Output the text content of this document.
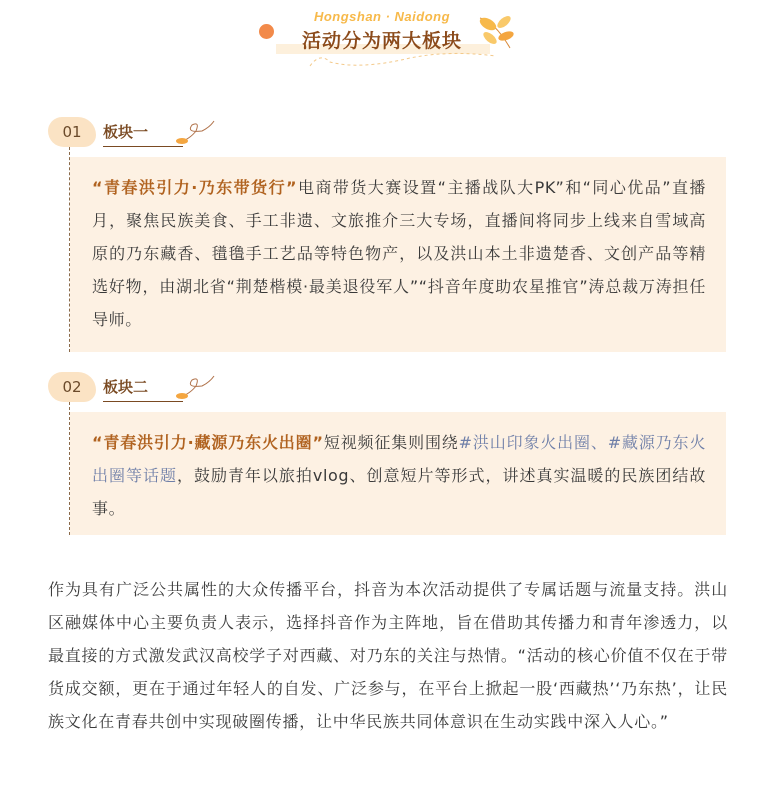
Hongshan · Naidong
活动分为两大板块
01	板块一
“青春洪引力·乃东带货行”电商带货大赛设置“主播战队大PK”和“同心优品”直播月，聚焦民族美食、手工非遗、文旅推介三大专场，直播间将同步上线来自雪域高原的乃东藏香、氆氇手工艺品等特色物产，以及洪山本土非遗楚香、文创产品等精选好物，由湖北省“荆楚楷模·最美退役军人”“抖音年度助农星推官”涛总裁万涛担任导师。
02	板块二
“青春洪引力·藏源乃东火出圈”短视频征集则围绕#洪山印象火出圈、#藏源乃东火出圈等话题，鼓励青年以旅拍vlog、创意短片等形式，讲述真实温暖的民族团结故事。
作为具有广泛公共属性的大众传播平台，抖音为本次活动提供了专属话题与流量支持。洪山区融媒体中心主要负责人表示，选择抖音作为主阵地，旨在借助其传播力和青年渗透力，以最直接的方式激发武汉高校学子对西藏、对乃东的关注与热情。“活动的核心价值不仅在于带货成交额，更在于通过年轻人的自发、广泛参与，在平台上掀起一股‘西藏热’‘乃东热’，让民族文化在青春共创中实现破圈传播，让中华民族共同体意识在生动实践中深入人心。”
